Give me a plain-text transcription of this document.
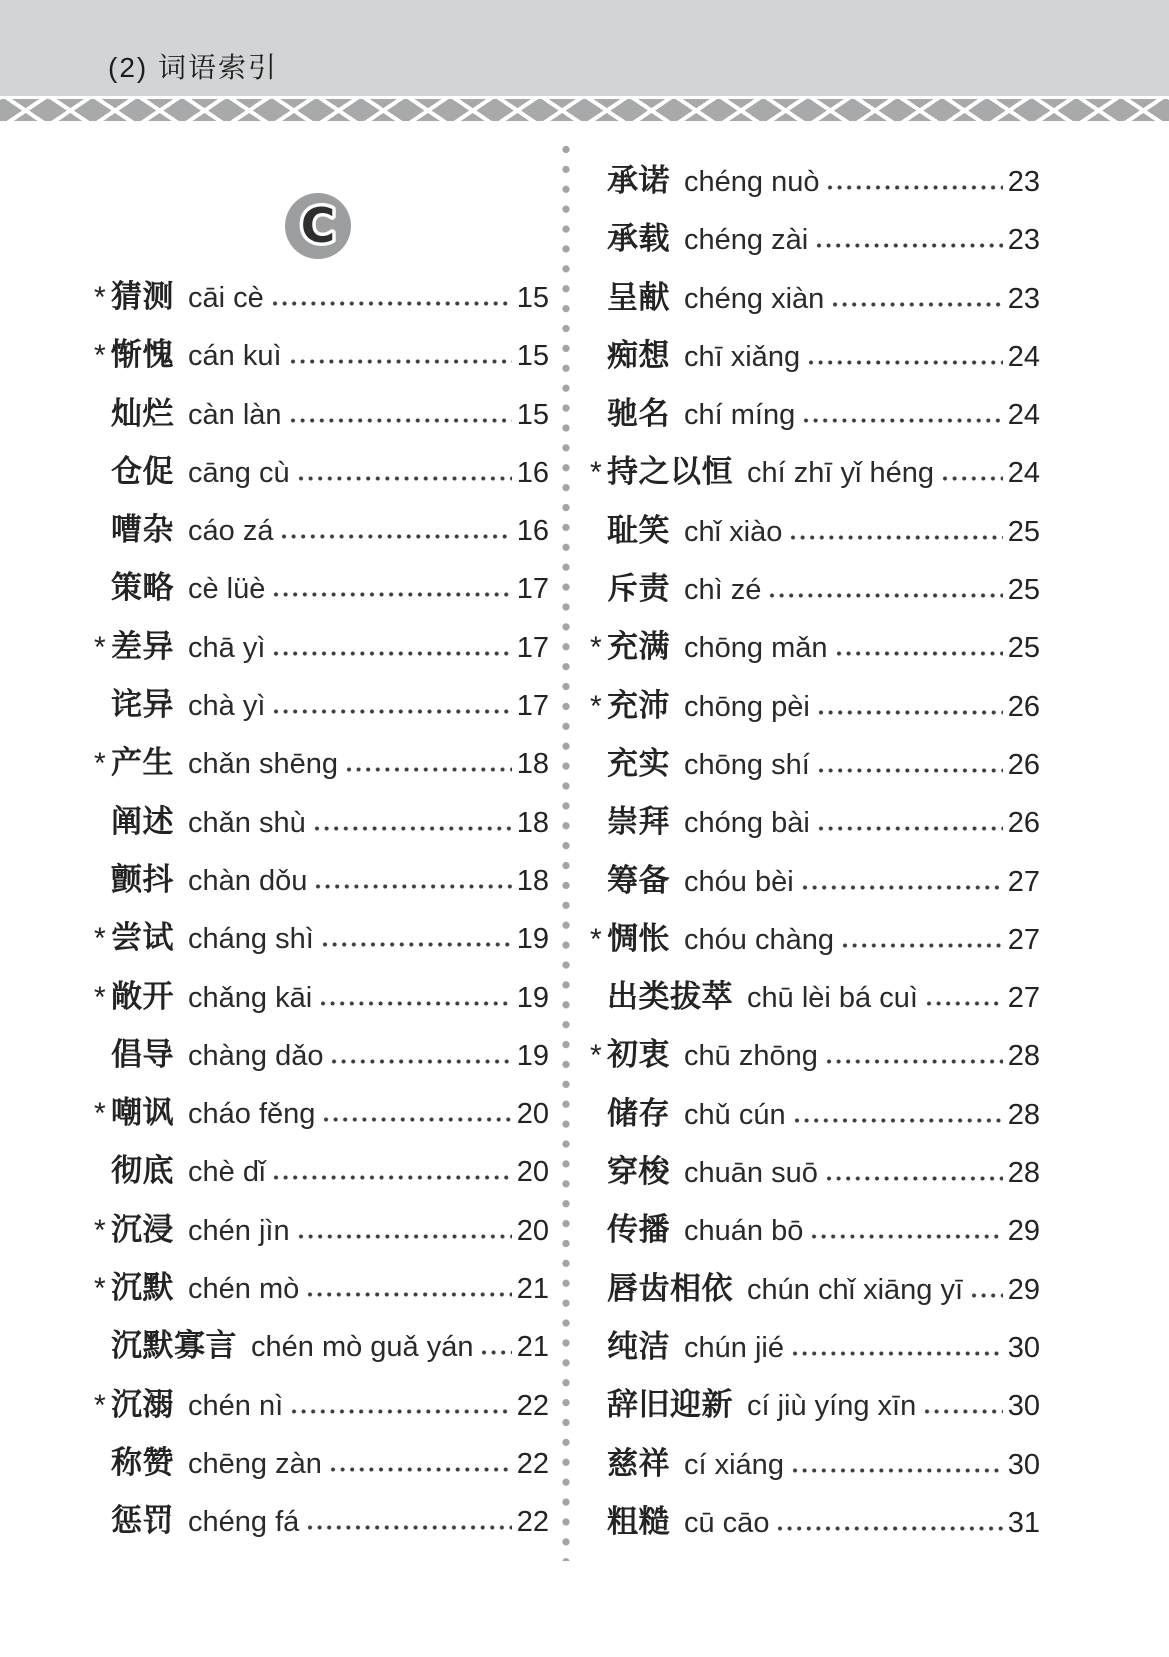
(2) 词语索引
C
* 猜测 cāi cè	15
* 惭愧 cán kuì	15
灿烂 càn làn	15
仓促 cāng cù	16
嘈杂 cáo zá	16
策略 cè lüè	17
* 差异 chā yì	17
诧异 chà yì	17
* 产生 chǎn shēng	18
阐述 chǎn shù	18
颤抖 chàn dǒu	18
* 尝试 cháng shì	19
* 敞开 chǎng kāi	19
倡导 chàng dǎo	19
* 嘲讽 cháo fěng	20
彻底 chè dǐ	20
* 沉浸 chén jìn	20
* 沉默 chén mò	21
沉默寡言 chén mò guǎ yán 21
* 沉溺 chén nì	22
称赞 chēng zàn	22
惩罚 chéng fá	22
承诺 chéng nuò	23
承载 chéng zài	23
呈献 chéng xiàn	23
痴想 chī xiǎng	24
驰名 chí míng	24
* 持之以恒 chí zhī yǐ héng	24
耻笑 chǐ xiào	25
斥责 chì zé	25
* 充满 chōng mǎn	25
* 充沛 chōng pèi	26
充实 chōng shí	26
崇拜 chóng bài	26
筹备 chóu bèi	27
* 惆怅 chóu chàng	27
出类拔萃 chū lèi bá cuì	27
* 初衷 chū zhōng	28
储存 chǔ cún	28
穿梭 chuān suō	28
传播 chuán bō	29
唇齿相依 chún chǐ xiāng yī 29
纯洁 chún jié	30
辞旧迎新 cí jiù yíng xīn	30
慈祥 cí xiáng	30
粗糙 cū cāo	31
